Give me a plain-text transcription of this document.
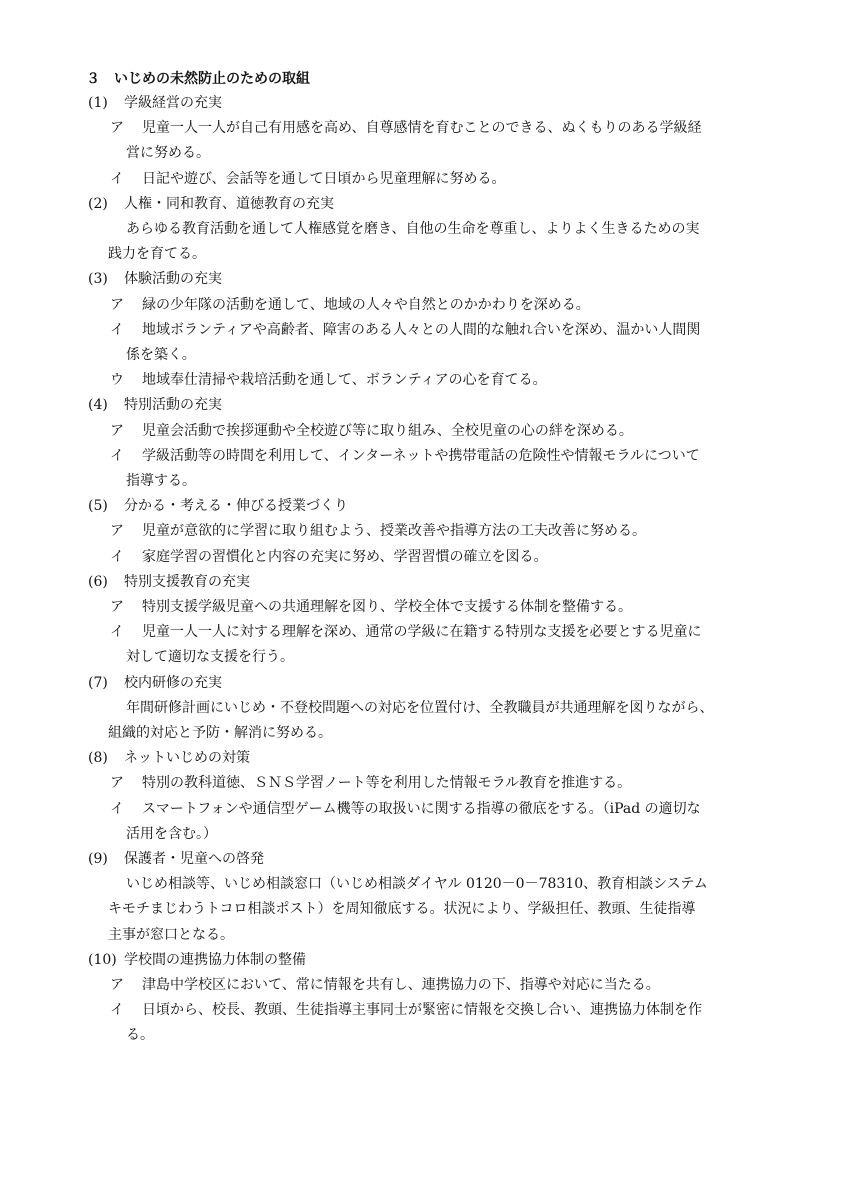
３　いじめの未然防止のための取組
(1) 学級経営の充実
ア 児童一人一人が自己有用感を高め、自尊感情を育むことのできる、ぬくもりのある学級経
営に努める。
イ 日記や遊び、会話等を通して日頃から児童理解に努める。
(2) 人権・同和教育、道徳教育の充実
あらゆる教育活動を通して人権感覚を磨き、自他の生命を尊重し、よりよく生きるための実
践力を育てる。
(3) 体験活動の充実
ア 緑の少年隊の活動を通して、地域の人々や自然とのかかわりを深める。
イ 地域ボランティアや高齢者、障害のある人々との人間的な触れ合いを深め、温かい人間関
係を築く。
ウ 地域奉仕清掃や栽培活動を通して、ボランティアの心を育てる。
(4) 特別活動の充実
ア 児童会活動で挨拶運動や全校遊び等に取り組み、全校児童の心の絆を深める。
イ 学級活動等の時間を利用して、インターネットや携帯電話の危険性や情報モラルについて
指導する。
(5) 分かる・考える・伸びる授業づくり
ア 児童が意欲的に学習に取り組むよう、授業改善や指導方法の工夫改善に努める。
イ 家庭学習の習慣化と内容の充実に努め、学習習慣の確立を図る。
(6) 特別支援教育の充実
ア 特別支援学級児童への共通理解を図り、学校全体で支援する体制を整備する。
イ 児童一人一人に対する理解を深め、通常の学級に在籍する特別な支援を必要とする児童に
対して適切な支援を行う。
(7) 校内研修の充実
年間研修計画にいじめ・不登校問題への対応を位置付け、全教職員が共通理解を図りながら、
組織的対応と予防・解消に努める。
(8) ネットいじめの対策
ア 特別の教科道徳、ＳＮＳ学習ノート等を利用した情報モラル教育を推進する。
イ スマートフォンや通信型ゲーム機等の取扱いに関する指導の徹底をする。（iPad の適切な
活用を含む。）
(9) 保護者・児童への啓発
いじめ相談等、いじめ相談窓口（いじめ相談ダイヤル 0120－0－78310、教育相談システム
キモチまじわうトコロ相談ポスト）を周知徹底する。状況により、学級担任、教頭、生徒指導
主事が窓口となる。
(10) 学校間の連携協力体制の整備
ア 津島中学校区において、常に情報を共有し、連携協力の下、指導や対応に当たる。
イ 日頃から、校長、教頭、生徒指導主事同士が緊密に情報を交換し合い、連携協力体制を作
る。
